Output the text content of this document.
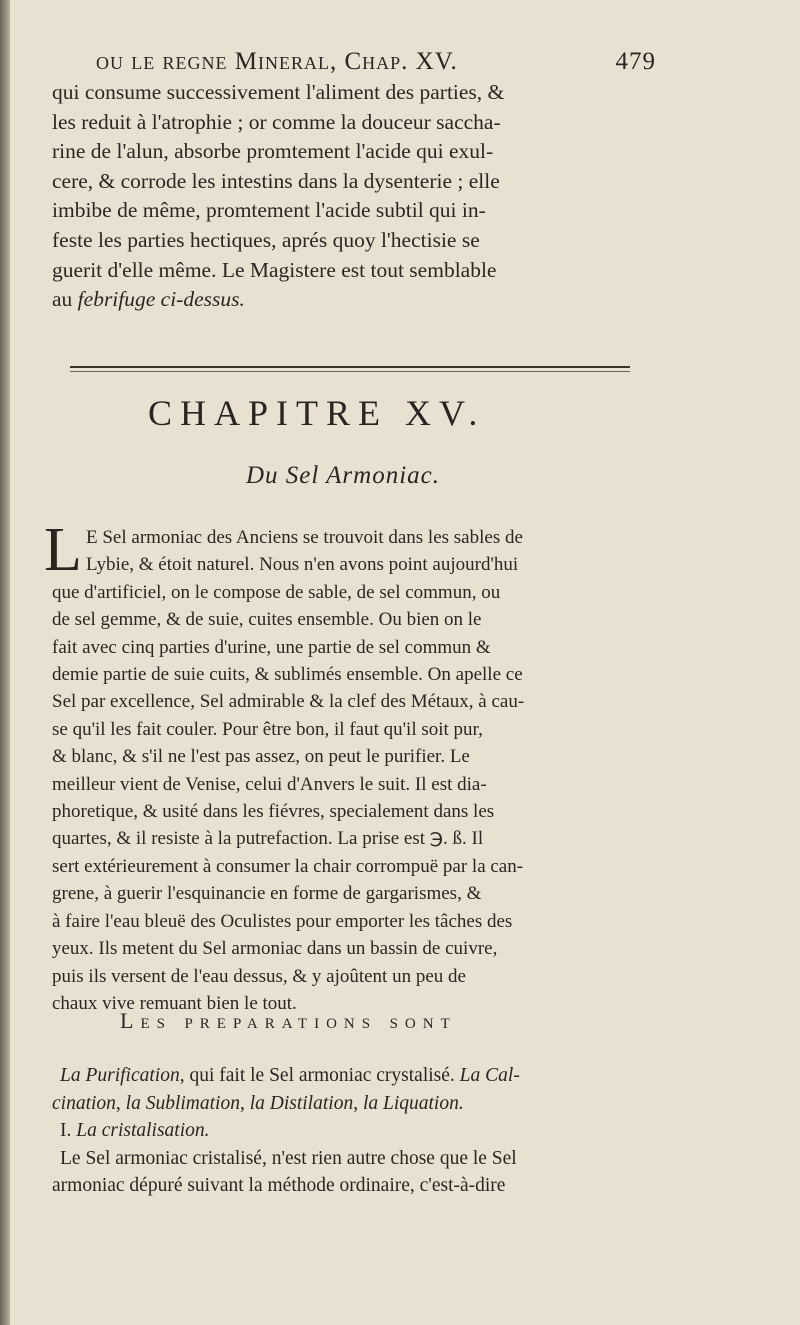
ou le regne Mineral, Chap. XV.	479
qui consume successivement l'aliment des parties, &
les reduit à l'atrophie ; or comme la douceur saccha-
rine de l'alun, absorbe promtement l'acide qui exul-
cere, & corrode les intestins dans la dysenterie ; elle
imbibe de même, promtement l'acide subtil qui in-
feste les parties hectiques, aprés quoy l'hectisie se
guerit d'elle même. Le Magistere est tout semblable
au febrifuge ci-dessus.
CHAPITRE XV.
Du Sel Armoniac.
L E Sel armoniac des Anciens se trouvoit dans les sables de
Lybie, & étoit naturel. Nous n'en avons point aujourd'hui
que d'artificiel, on le compose de sable, de sel commun, ou
de sel gemme, & de suie, cuites ensemble. Ou bien on le
fait avec cinq parties d'urine, une partie de sel commun &
demie partie de suie cuits, & sublimés ensemble. On apelle ce
Sel par excellence, Sel admirable & la clef des Métaux, à cau-
se qu'il les fait couler. Pour être bon, il faut qu'il soit pur,
& blanc, & s'il ne l'est pas assez, on peut le purifier. Le
meilleur vient de Venise, celui d'Anvers le suit. Il est dia-
phoretique, & usité dans les fiévres, specialement dans les
quartes, & il resiste à la putrefaction. La prise est ℈. ß. Il
sert extérieurement à consumer la chair corrompuë par la can-
grene, à guerir l'esquinancie en forme de gargarismes, &
à faire l'eau bleuë des Oculistes pour emporter les tâches des
yeux. Ils metent du Sel armoniac dans un bassin de cuivre,
puis ils versent de l'eau dessus, & y ajoûtent un peu de
chaux vive remuant bien le tout.
Les preparations sont
La Purification, qui fait le Sel armoniac crystalisé. La Cal-
cination, la Sublimation, la Distilation, la Liquation.
I. La cristalisation.
Le Sel armoniac cristalisé, n'est rien autre chose que le Sel
armoniac dépuré suivant la méthode ordinaire, c'est-à-dire
